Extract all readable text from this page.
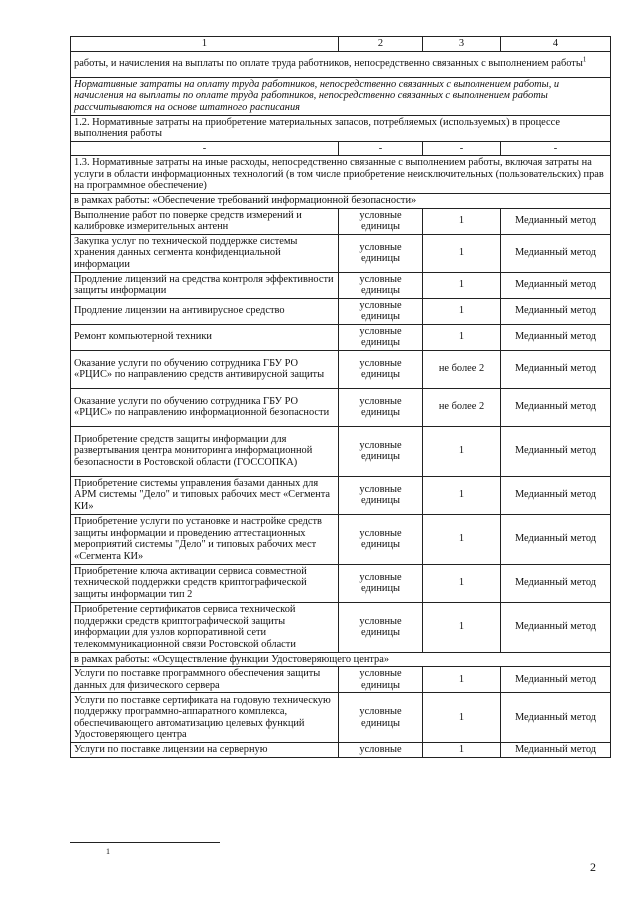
1	2	3	4
работы, и начисления на выплаты по оплате труда работников, непосредственно связанных с выполнением работы$^1$
Нормативные затраты на оплату труда работников, непосредственно связанных с выполнением работы, и начисления на выплаты по оплате труда работников, непосредственно связанных с выполнением работы рассчитываются на основе штатного расписания			
1.2. Нормативные затраты на приобретение материальных запасов, потребляемых (используемых) в процессе выполнения работы			
-	-	-	-
1.3. Нормативные затраты на иные расходы, непосредственно связанные с выполнением работы, включая затраты на услуги в области информационных технологий (в том числе приобретение неисключительных (пользовательских) прав на программное обеспечение)			
в рамках работы: «Обеспечение требований информационной безопасности»			
Выполнение работ по поверке средств измерений и калибровке измерительных антенн	условные единицы	1	Медианный метод
Закупка услуг по технической поддержке системы хранения данных сегмента конфиденциальной информации	условные единицы	1	Медианный метод
Продление лицензий на средства контроля эффективности защиты информации	условные единицы	1	Медианный метод
Продление лицензии на антивирусное средство	условные единицы	1	Медианный метод
Ремонт компьютерной техники	условные единицы	1	Медианный метод
Оказание услуги по обучению сотрудника ГБУ РО «РЦИС» по направлению средств антивирусной защиты	условные единицы	не более 2	Медианный метод
Оказание услуги по обучению сотрудника ГБУ РО «РЦИС» по направлению информационной безопасности	условные единицы	не более 2	Медианный метод
Приобретение средств защиты информации для развертывания центра мониторинга информационной безопасности в Ростовской области (ГОССОПКА)	условные единицы	1	Медианный метод
Приобретение системы управления базами данных для АРМ системы "Дело" и типовых рабочих мест «Сегмента КИ»	условные единицы	1	Медианный метод
Приобретение услуги по установке и настройке средств защиты информации и проведению аттестационных мероприятий системы "Дело" и типовых рабочих мест «Сегмента КИ»	условные единицы	1	Медианный метод
Приобретение ключа активации сервиса совместной технической поддержки средств криптографической защиты информации тип 2	условные единицы	1	Медианный метод
Приобретение сертификатов сервиса технической поддержки средств криптографической защиты информации для узлов корпоративной сети телекоммуникационной связи Ростовской области	условные единицы	1	Медианный метод
в рамках работы: «Осуществление функции Удостоверяющего центра»			
Услуги по поставке программного обеспечения защиты данных для физического сервера	условные единицы	1	Медианный метод
Услуги по поставке сертификата на годовую техническую поддержку программно-аппаратного комплекса, обеспечивающего автоматизацию целевых функций Удостоверяющего центра	условные единицы	1	Медианный метод
Услуги по поставке лицензии на серверную	условные	1	Медианный метод
1
2
